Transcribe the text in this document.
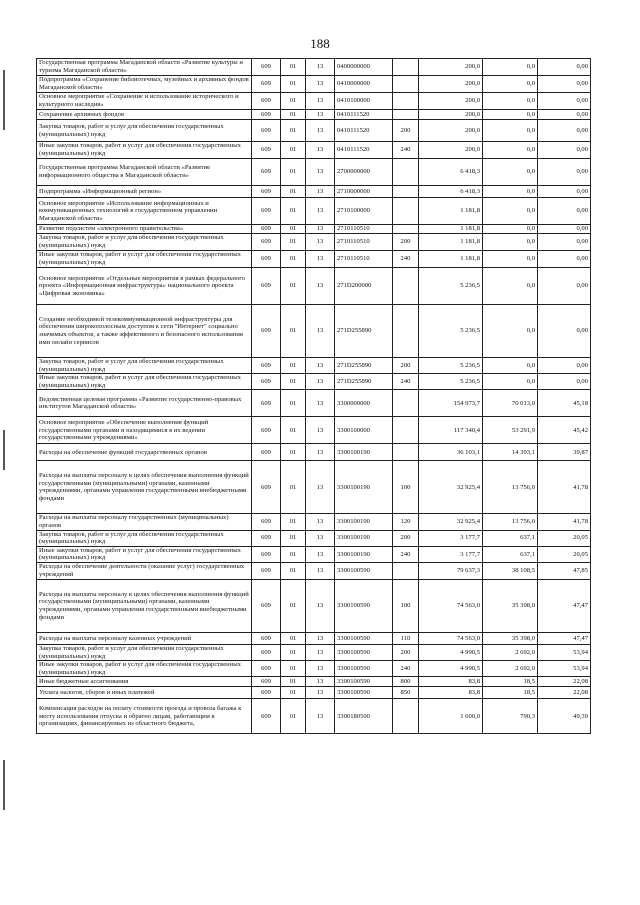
188
Государственная программа Магаданской области «Развитие культуры и туризма Магаданской области»	609	01	13	0400000000		200,0	0,0	0,00
Подпрограмма «Сохранение библиотечных, музейных и архивных фондов Магаданской области»	609	01	13	0410000000		200,0	0,0	0,00
Основное мероприятие «Сохранение и использование исторического и культурного наследия»	609	01	13	0410100000		200,0	0,0	0,00
Сохранение архивных фондов	609	01	13	0410111520		200,0	0,0	0,00
Закупка товаров, работ и услуг для обеспечения государственных (муниципальных) нужд	609	01	13	0410111520	200	200,0	0,0	0,00
Иные закупки товаров, работ и услуг для обеспечения государственных (муниципальных) нужд	609	01	13	0410111520	240	200,0	0,0	0,00
Государственная программа Магаданской области «Развитие информационного общества в Магаданской области»	609	01	13	2700000000		6 418,3	0,0	0,00
Подпрограмма «Информационный регион»	609	01	13	2710000000		6 418,3	0,0	0,00
Основное мероприятие «Использование информационных и коммуникационных технологий в государственном управлении Магаданской области»	609	01	13	2710100000		1 181,8	0,0	0,00
Развитие подсистем «электронного правительства»	609	01	13	2710110510		1 181,8	0,0	0,00
Закупка товаров, работ и услуг для обеспечения государственных (муниципальных) нужд	609	01	13	2710110510	200	1 181,8	0,0	0,00
Иные закупки товаров, работ и услуг для обеспечения государственных (муниципальных) нужд	609	01	13	2710110510	240	1 181,8	0,0	0,00
Основное мероприятие «Отдельные мероприятия в рамках федерального проекта «Информационная инфраструктура» национального проекта «Цифровая экономика»	609	01	13	271D200000		5 236,5	0,0	0,00
Создание необходимой телекоммуникационной инфраструктуры для обеспечения широкополосным доступом к сети "Интернет" социально значимых объектов, а также эффективного и безопасного использования ими онлайн сервисов	609	01	13	271D255890		5 236,5	0,0	0,00
Закупка товаров, работ и услуг для обеспечения государственных (муниципальных) нужд	609	01	13	271D255890	200	5 236,5	0,0	0,00
Иные закупки товаров, работ и услуг для обеспечения государственных (муниципальных) нужд	609	01	13	271D255890	240	5 236,5	0,0	0,00
Ведомственная целевая программа «Развитие государственно-правовых институтов Магаданской области»	609	01	13	3300000000		154 973,7	70 013,0	45,18
Основное мероприятие «Обеспечение выполнения функций государственными органами и находящимися в их ведении государственными учреждениями»	609	01	13	3300100000		117 340,4	53 291,9	45,42
Расходы на обеспечение функций государственных органов	609	01	13	3300100190		36 103,1	14 393,1	39,87
Расходы на выплаты персоналу в целях обеспечения выполнения функций государственными (муниципальными) органами, казенными учреждениями, органами управления государственными внебюджетными фондами	609	01	13	3300100190	100	32 925,4	13 756,0	41,78
Расходы на выплаты персоналу государственных (муниципальных) органов	609	01	13	3300100190	120	32 925,4	13 756,0	41,78
Закупка товаров, работ и услуг для обеспечения государственных (муниципальных) нужд	609	01	13	3300100190	200	3 177,7	637,1	20,05
Иные закупки товаров, работ и услуг для обеспечения государственных (муниципальных) нужд	609	01	13	3300100190	240	3 177,7	637,1	20,05
Расходы на обеспечение деятельности (оказание услуг) государственных учреждений	609	01	13	3300100590		79 637,3	38 108,5	47,85
Расходы на выплаты персоналу в целях обеспечения выполнения функций государственными (муниципальными) органами, казенными учреждениями, органами управления государственными внебюджетными фондами	609	01	13	3300100590	100	74 563,0	35 398,0	47,47
Расходы на выплаты персоналу казенных учреждений	609	01	13	3300100590	110	74 563,0	35 398,0	47,47
Закупка товаров, работ и услуг для обеспечения государственных (муниципальных) нужд	609	01	13	3300100590	200	4 990,5	2 692,0	53,94
Иные закупки товаров, работ и услуг для обеспечения государственных (муниципальных) нужд	609	01	13	3300100590	240	4 990,5	2 692,0	53,94
Иные бюджетные ассигнования	609	01	13	3300100590	800	83,8	18,5	22,08
Уплата налогов, сборов и иных платежей	609	01	13	3300100590	850	83,8	18,5	22,08
Компенсация расходов на оплату стоимости проезда и провоза багажа к месту использования отпуска и обратно лицам, работающим в организациях, финансируемых из областного бюджета,	609	01	13	3300180500		1 600,0	790,3	49,39
